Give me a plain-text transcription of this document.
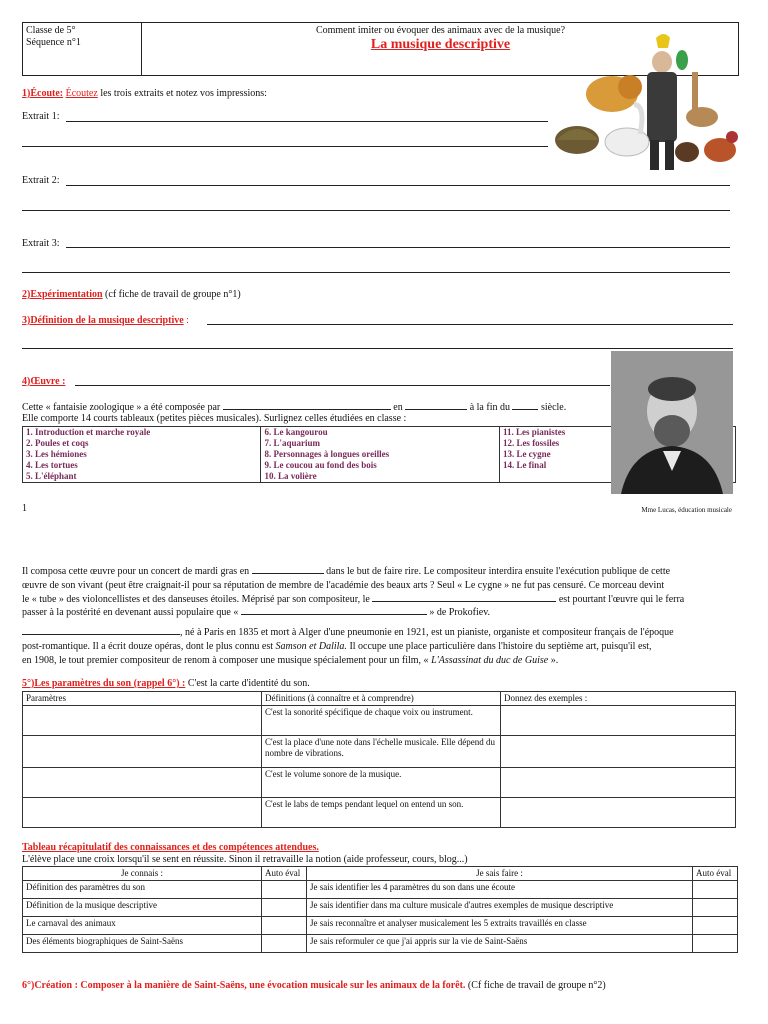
Classe de 5°
Séquence n°1
Comment imiter ou évoquer des animaux avec de la musique?
La musique descriptive
1)Écoute: Écoutez les trois extraits et notez vos impressions:
Extrait 1:
Extrait 2:
Extrait 3:
2)Expérimentation (cf fiche de travail de groupe n°1)
3)Définition de la musique descriptive :
4)Œuvre :
Cette « fantaisie zoologique » a été composée par	en	à la fin du	siècle.
Elle comporte 14 courts tableaux (petites pièces musicales). Surlignez celles étudiées en classe :
1. Introduction et marche royale	6. Le kangourou	11. Les pianistes
2. Poules et coqs	7. L'aquarium	12. Les fossiles
3. Les hémiones	8. Personnages à longues oreilles	13. Le cygne
4. Les tortues	9. Le coucou au fond des bois	14. Le final
5. L'éléphant	10. La volière	
1	Mme Lucas, éducation musicale
Il composa cette œuvre pour un concert de mardi gras en	dans le but de faire rire. Le compositeur interdira ensuite l'exécution publique de cette
œuvre de son vivant (peut être craignait-il pour sa réputation de membre de l'académie des beaux arts ? Seul « Le cygne » ne fut pas censuré. Ce morceau devint
le « tube » des violoncellistes et des danseuses étoiles. Méprisé par son compositeur, le	est pourtant l'œuvre qui le ferra
passer à la postérité en devenant aussi populaire que «	» de Prokofiev.
, né à Paris en 1835 et mort à Alger d'une pneumonie en 1921, est un pianiste, organiste et compositeur français de l'époque
post-romantique. Il a écrit douze opéras, dont le plus connu est Samson et Dalila. Il occupe une place particulière dans l'histoire du septième art, puisqu'il est,
en 1908, le tout premier compositeur de renom à composer une musique spécialement pour un film, « L'Assassinat du duc de Guise ».
5°)Les paramètres du son (rappel 6°) : C'est la carte d'identité du son.
Paramètres	Définitions (à connaître et à comprendre)	Donnez des exemples :
	C'est la sonorité spécifique de chaque voix ou instrument.	
	C'est la place d'une note dans l'échelle musicale. Elle dépend du nombre de vibrations.	
	C'est le volume sonore de la musique.	
	C'est le labs de temps pendant lequel on entend un son.	
Tableau récapitulatif des connaissances et des compétences attendues.
L'élève place une croix lorsqu'il se sent en réussite. Sinon il retravaille la notion (aide professeur, cours, blog...)
Je connais :	Auto éval	Je sais faire :	Auto éval
Définition des paramètres du son		Je sais identifier les 4 paramètres du son dans une écoute	
Définition de la musique descriptive		Je sais identifier dans ma culture musicale d'autres exemples de musique descriptive	
Le carnaval des animaux		Je sais reconnaître et analyser musicalement les 5 extraits travaillés en classe	
Des éléments biographiques de Saint-Saëns		Je sais reformuler ce que j'ai appris sur la vie de Saint-Saëns	
6°)Création : Composer à la manière de Saint-Saëns, une évocation musicale sur les animaux de la forêt. (Cf fiche de travail de groupe n°2)
